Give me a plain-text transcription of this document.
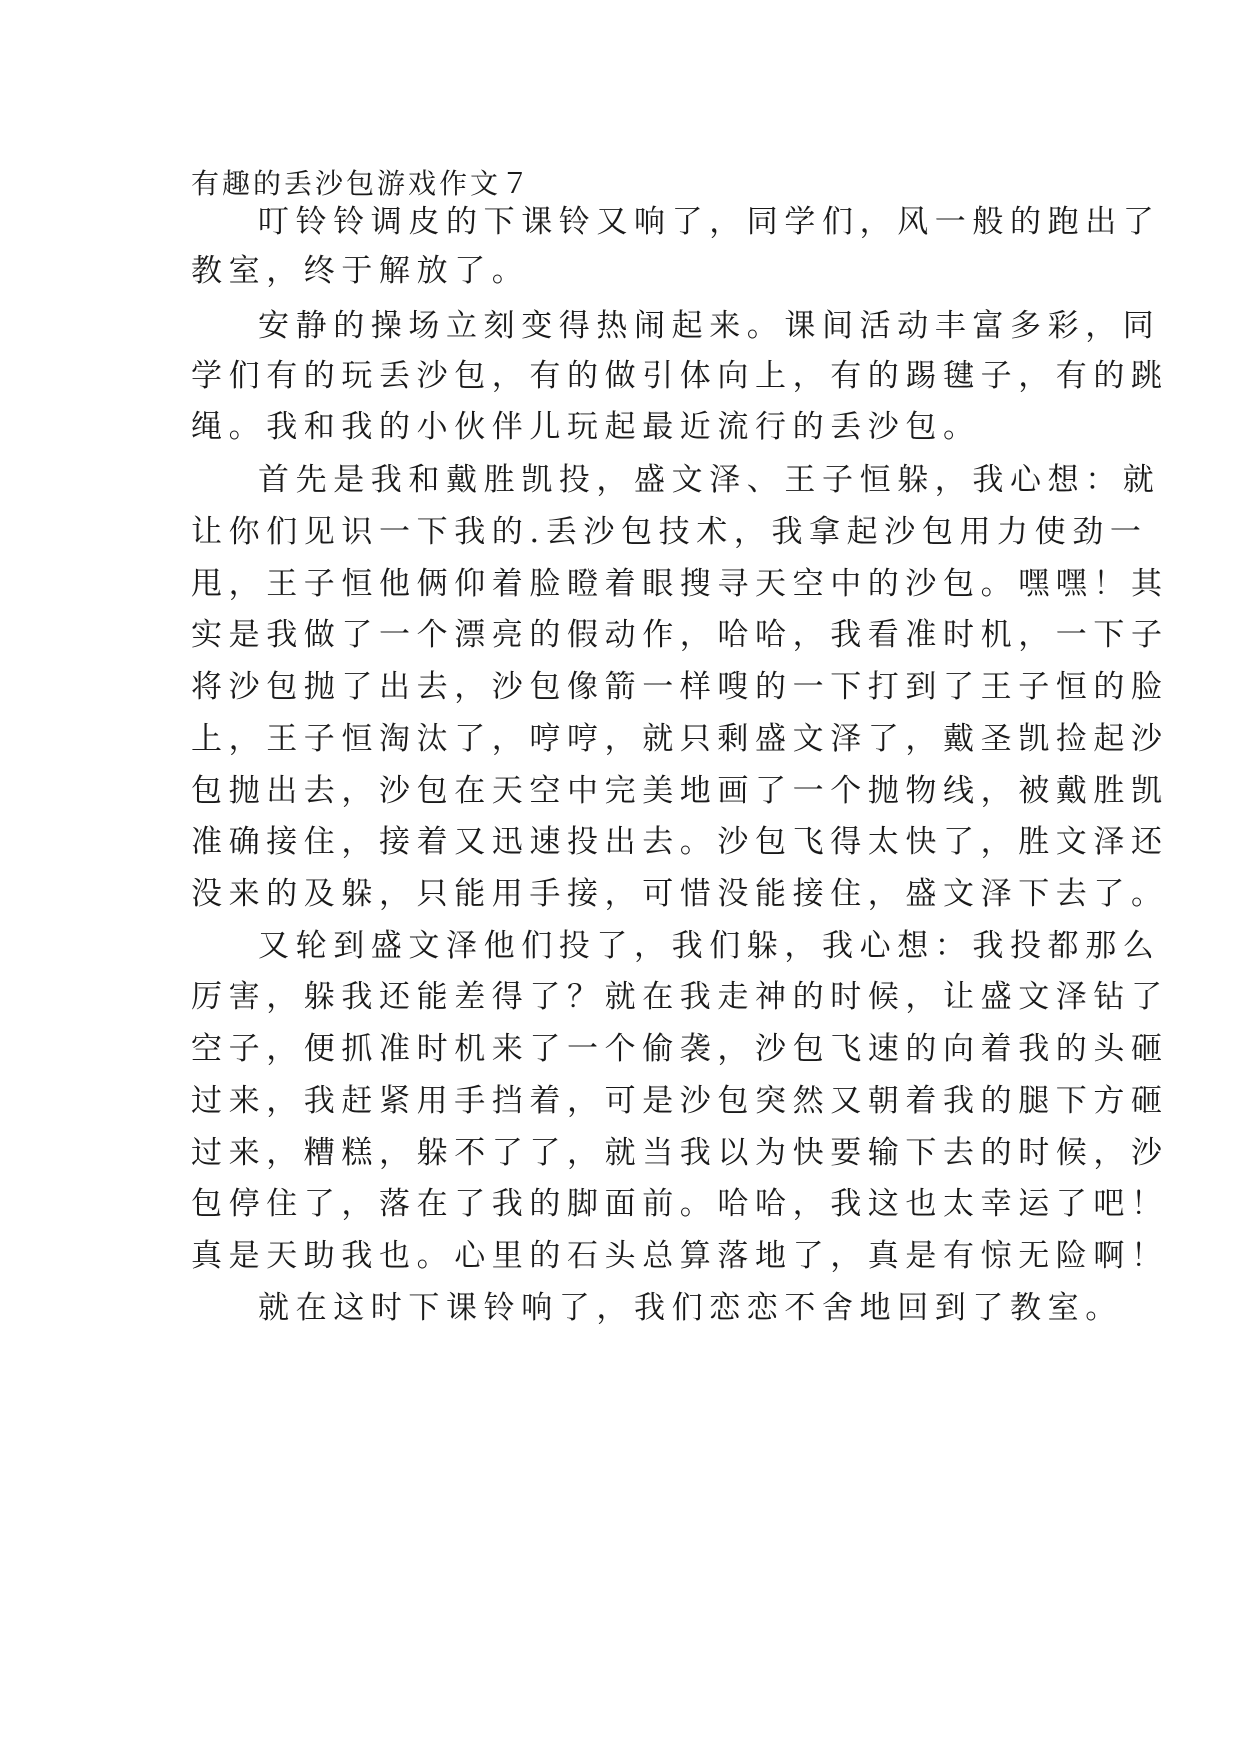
有趣的丢沙包游戏作文７
叮铃铃调皮的下课铃又响了，同学们，风一般的跑出了
教室，终于解放了。
安静的操场立刻变得热闹起来。课间活动丰富多彩，同
学们有的玩丢沙包，有的做引体向上，有的踢毽子，有的跳
绳。我和我的小伙伴儿玩起最近流行的丢沙包。
首先是我和戴胜凯投，盛文泽、王子恒躲，我心想：就
让你们见识一下我的.丢沙包技术，我拿起沙包用力使劲一
甩，王子恒他俩仰着脸瞪着眼搜寻天空中的沙包。嘿嘿！其
实是我做了一个漂亮的假动作，哈哈，我看准时机，一下子
将沙包抛了出去，沙包像箭一样嗖的一下打到了王子恒的脸
上，王子恒淘汰了，哼哼，就只剩盛文泽了，戴圣凯捡起沙
包抛出去，沙包在天空中完美地画了一个抛物线，被戴胜凯
准确接住，接着又迅速投出去。沙包飞得太快了，胜文泽还
没来的及躲，只能用手接，可惜没能接住，盛文泽下去了。
又轮到盛文泽他们投了，我们躲，我心想：我投都那么
厉害，躲我还能差得了？就在我走神的时候，让盛文泽钻了
空子，便抓准时机来了一个偷袭，沙包飞速的向着我的头砸
过来，我赶紧用手挡着，可是沙包突然又朝着我的腿下方砸
过来，糟糕，躲不了了，就当我以为快要输下去的时候，沙
包停住了，落在了我的脚面前。哈哈，我这也太幸运了吧！
真是天助我也。心里的石头总算落地了，真是有惊无险啊！
就在这时下课铃响了，我们恋恋不舍地回到了教室。
